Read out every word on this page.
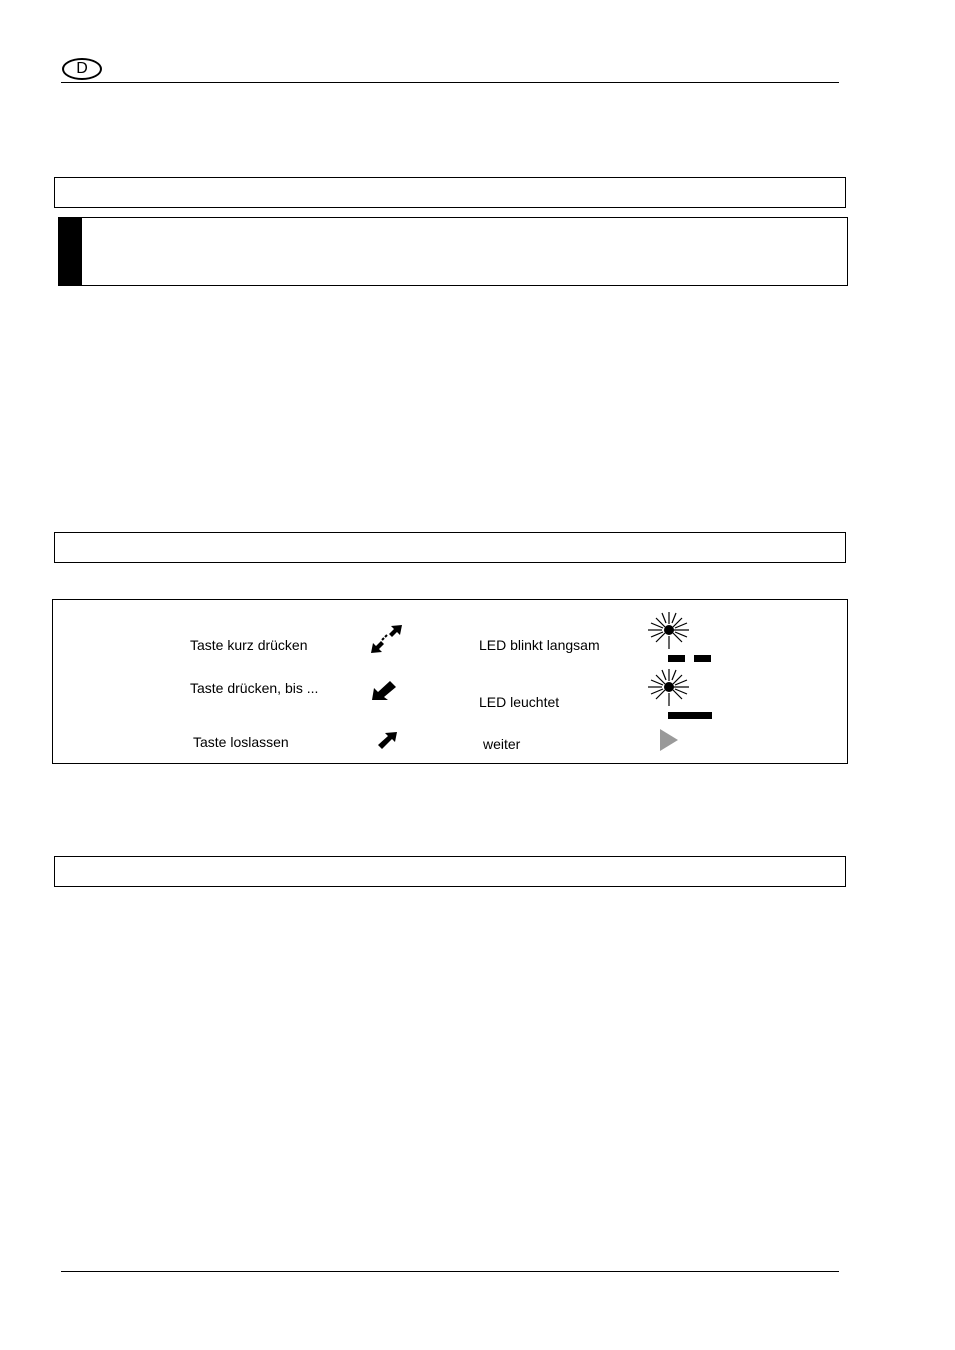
D
Taste kurz drücken
Taste drücken, bis ...
Taste loslassen
LED blinkt langsam
LED leuchtet
weiter
